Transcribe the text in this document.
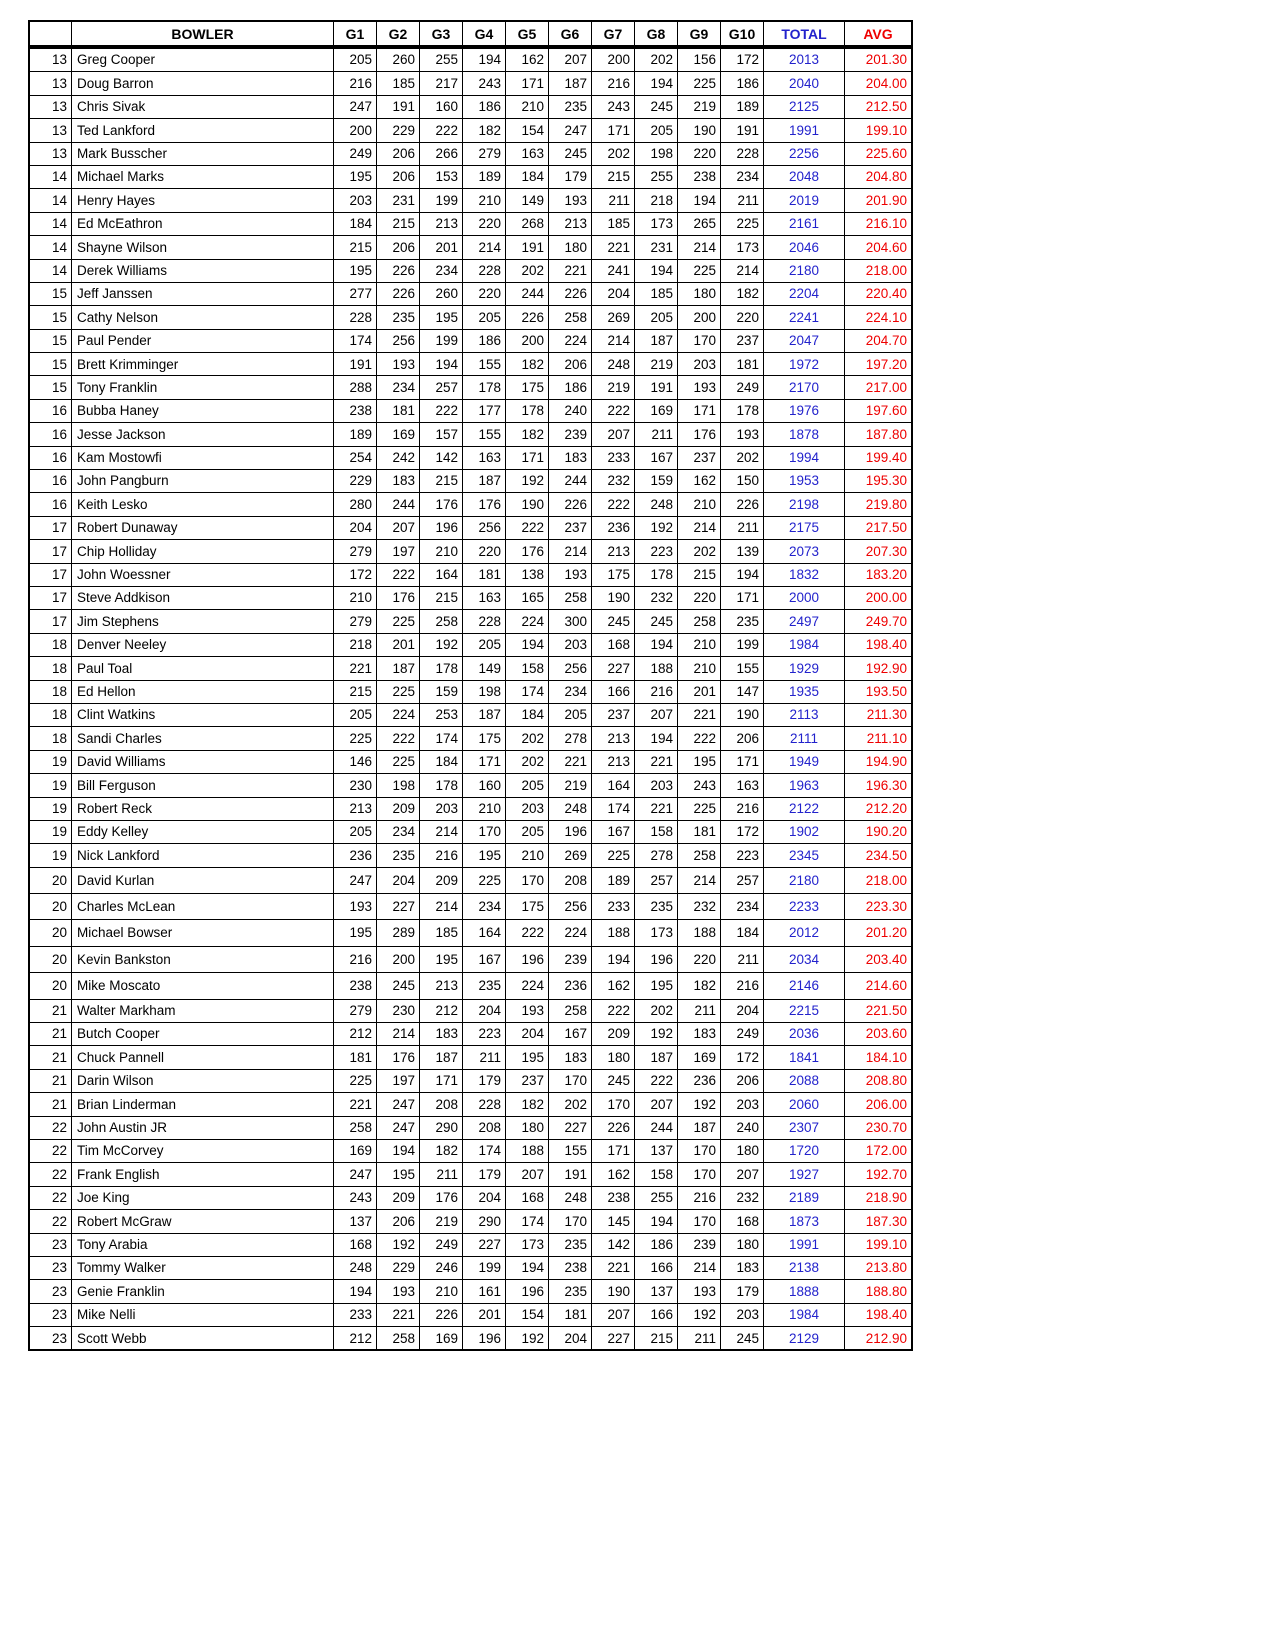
	BOWLER	G1	G2	G3	G4	G5	G6	G7	G8	G9	G10	TOTAL	AVG
13	Greg Cooper	205	260	255	194	162	207	200	202	156	172	2013	201.30
13	Doug Barron	216	185	217	243	171	187	216	194	225	186	2040	204.00
13	Chris Sivak	247	191	160	186	210	235	243	245	219	189	2125	212.50
13	Ted Lankford	200	229	222	182	154	247	171	205	190	191	1991	199.10
13	Mark Busscher	249	206	266	279	163	245	202	198	220	228	2256	225.60
14	Michael Marks	195	206	153	189	184	179	215	255	238	234	2048	204.80
14	Henry Hayes	203	231	199	210	149	193	211	218	194	211	2019	201.90
14	Ed McEathron	184	215	213	220	268	213	185	173	265	225	2161	216.10
14	Shayne Wilson	215	206	201	214	191	180	221	231	214	173	2046	204.60
14	Derek Williams	195	226	234	228	202	221	241	194	225	214	2180	218.00
15	Jeff Janssen	277	226	260	220	244	226	204	185	180	182	2204	220.40
15	Cathy Nelson	228	235	195	205	226	258	269	205	200	220	2241	224.10
15	Paul Pender	174	256	199	186	200	224	214	187	170	237	2047	204.70
15	Brett Krimminger	191	193	194	155	182	206	248	219	203	181	1972	197.20
15	Tony Franklin	288	234	257	178	175	186	219	191	193	249	2170	217.00
16	Bubba Haney	238	181	222	177	178	240	222	169	171	178	1976	197.60
16	Jesse Jackson	189	169	157	155	182	239	207	211	176	193	1878	187.80
16	Kam Mostowfi	254	242	142	163	171	183	233	167	237	202	1994	199.40
16	John Pangburn	229	183	215	187	192	244	232	159	162	150	1953	195.30
16	Keith Lesko	280	244	176	176	190	226	222	248	210	226	2198	219.80
17	Robert Dunaway	204	207	196	256	222	237	236	192	214	211	2175	217.50
17	Chip Holliday	279	197	210	220	176	214	213	223	202	139	2073	207.30
17	John Woessner	172	222	164	181	138	193	175	178	215	194	1832	183.20
17	Steve Addkison	210	176	215	163	165	258	190	232	220	171	2000	200.00
17	Jim Stephens	279	225	258	228	224	300	245	245	258	235	2497	249.70
18	Denver Neeley	218	201	192	205	194	203	168	194	210	199	1984	198.40
18	Paul Toal	221	187	178	149	158	256	227	188	210	155	1929	192.90
18	Ed Hellon	215	225	159	198	174	234	166	216	201	147	1935	193.50
18	Clint Watkins	205	224	253	187	184	205	237	207	221	190	2113	211.30
18	Sandi Charles	225	222	174	175	202	278	213	194	222	206	2111	211.10
19	David Williams	146	225	184	171	202	221	213	221	195	171	1949	194.90
19	Bill Ferguson	230	198	178	160	205	219	164	203	243	163	1963	196.30
19	Robert Reck	213	209	203	210	203	248	174	221	225	216	2122	212.20
19	Eddy Kelley	205	234	214	170	205	196	167	158	181	172	1902	190.20
19	Nick Lankford	236	235	216	195	210	269	225	278	258	223	2345	234.50
20	David Kurlan	247	204	209	225	170	208	189	257	214	257	2180	218.00
20	Charles McLean	193	227	214	234	175	256	233	235	232	234	2233	223.30
20	Michael Bowser	195	289	185	164	222	224	188	173	188	184	2012	201.20
20	Kevin Bankston	216	200	195	167	196	239	194	196	220	211	2034	203.40
20	Mike Moscato	238	245	213	235	224	236	162	195	182	216	2146	214.60
21	Walter Markham	279	230	212	204	193	258	222	202	211	204	2215	221.50
21	Butch Cooper	212	214	183	223	204	167	209	192	183	249	2036	203.60
21	Chuck Pannell	181	176	187	211	195	183	180	187	169	172	1841	184.10
21	Darin Wilson	225	197	171	179	237	170	245	222	236	206	2088	208.80
21	Brian Linderman	221	247	208	228	182	202	170	207	192	203	2060	206.00
22	John Austin JR	258	247	290	208	180	227	226	244	187	240	2307	230.70
22	Tim McCorvey	169	194	182	174	188	155	171	137	170	180	1720	172.00
22	Frank English	247	195	211	179	207	191	162	158	170	207	1927	192.70
22	Joe King	243	209	176	204	168	248	238	255	216	232	2189	218.90
22	Robert McGraw	137	206	219	290	174	170	145	194	170	168	1873	187.30
23	Tony Arabia	168	192	249	227	173	235	142	186	239	180	1991	199.10
23	Tommy Walker	248	229	246	199	194	238	221	166	214	183	2138	213.80
23	Genie Franklin	194	193	210	161	196	235	190	137	193	179	1888	188.80
23	Mike Nelli	233	221	226	201	154	181	207	166	192	203	1984	198.40
23	Scott Webb	212	258	169	196	192	204	227	215	211	245	2129	212.90
